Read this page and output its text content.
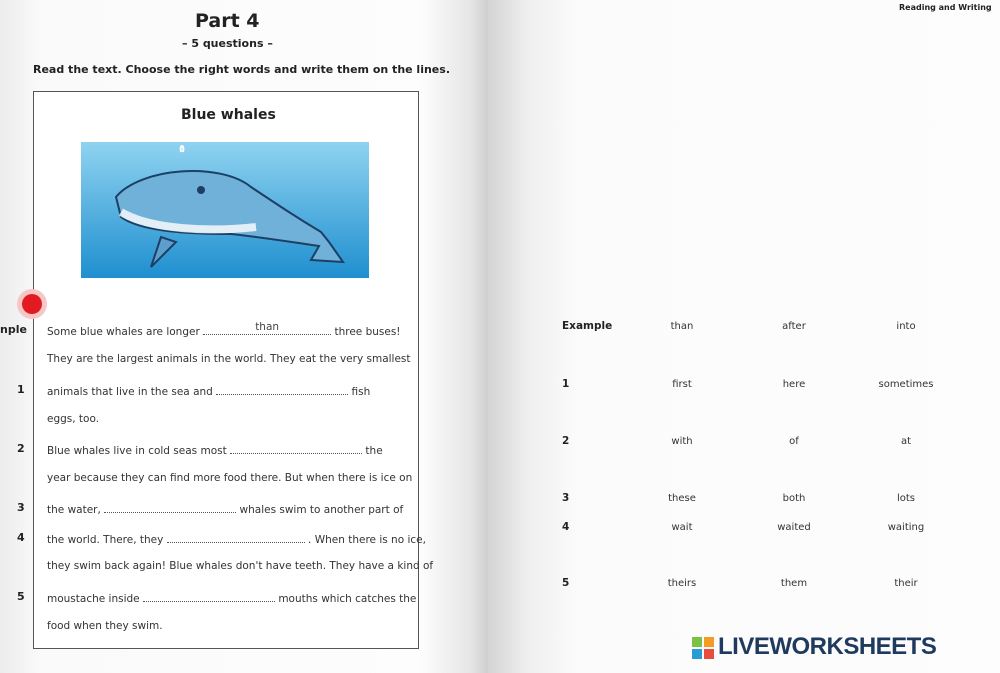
Part 4
– 5 questions –
Read the text. Choose the right words and write them on the lines.
Blue whales
nple Some blue whales are longer	than	three buses!
They are the largest animals in the world. They eat the very smallest
1 animals that live in the sea and	fish
eggs, too.
2 Blue whales live in cold seas most	the
year because they can find more food there. But when there is ice on
3 the water,	whales swim to another part of
4 the world. There, they	. When there is no ice,
they swim back again! Blue whales don't have teeth. They have a kind of
5 moustache inside	mouths which catches the
food when they swim.
Reading and Writing
Example	than	after	into
1	first	here	sometimes
2	with	of	at
3	these	both	lots
4	wait	waited	waiting
5	theirs	them	their
LIVEWORKSHEETS
